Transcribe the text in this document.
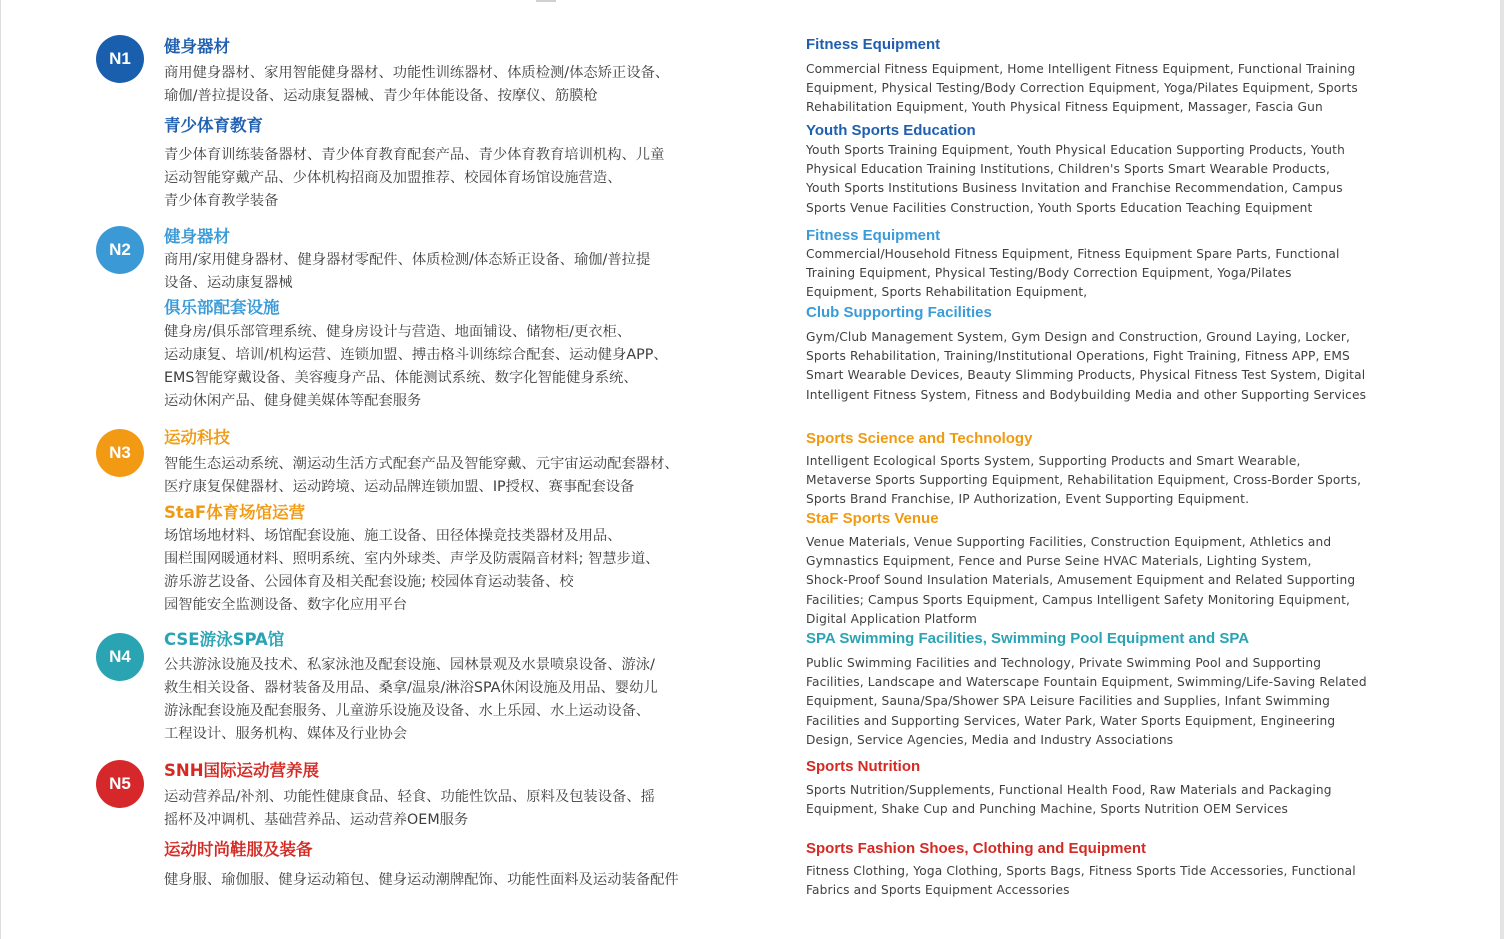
N1
N2
N3
N4
N5
健身器材
商用健身器材、家用智能健身器材、功能性训练器材、体质检测/体态矫正设备、
瑜伽/普拉提设备、运动康复器械、青少年体能设备、按摩仪、筋膜枪
青少体育教育
青少体育训练装备器材、青少体育教育配套产品、青少体育教育培训机构、儿童
运动智能穿戴产品、少体机构招商及加盟推荐、校园体育场馆设施营造、
青少体育教学装备
健身器材
商用/家用健身器材、健身器材零配件、体质检测/体态矫正设备、瑜伽/普拉提
设备、运动康复器械
俱乐部配套设施
健身房/俱乐部管理系统、健身房设计与营造、地面铺设、储物柜/更衣柜、
运动康复、培训/机构运营、连锁加盟、搏击格斗训练综合配套、运动健身APP、
EMS智能穿戴设备、美容瘦身产品、体能测试系统、数字化智能健身系统、
运动休闲产品、健身健美媒体等配套服务
运动科技
智能生态运动系统、潮运动生活方式配套产品及智能穿戴、元宇宙运动配套器材、
医疗康复保健器材、运动跨境、运动品牌连锁加盟、IP授权、赛事配套设备
StaF体育场馆运营
场馆场地材料、场馆配套设施、施工设备、田径体操竞技类器材及用品、
围栏围网暖通材料、照明系统、室内外球类、声学及防震隔音材料; 智慧步道、
游乐游艺设备、公园体育及相关配套设施; 校园体育运动装备、校
园智能安全监测设备、数字化应用平台
CSE游泳SPA馆
公共游泳设施及技术、私家泳池及配套设施、园林景观及水景喷泉设备、游泳/
救生相关设备、器材装备及用品、桑拿/温泉/淋浴SPA休闲设施及用品、婴幼儿
游泳配套设施及配套服务、儿童游乐设施及设备、水上乐园、水上运动设备、
工程设计、服务机构、媒体及行业协会
SNH国际运动营养展
运动营养品/补剂、功能性健康食品、轻食、功能性饮品、原料及包装设备、摇
摇杯及冲调机、基础营养品、运动营养OEM服务
运动时尚鞋服及装备
健身服、瑜伽服、健身运动箱包、健身运动潮牌配饰、功能性面料及运动装备配件
Fitness Equipment
Commercial Fitness Equipment, Home Intelligent Fitness Equipment, Functional Training
Equipment, Physical Testing/Body Correction Equipment, Yoga/Pilates Equipment, Sports
Rehabilitation Equipment, Youth Physical Fitness Equipment, Massager, Fascia Gun
Youth Sports Education
Youth Sports Training Equipment, Youth Physical Education Supporting Products, Youth
Physical Education Training Institutions, Children's Sports Smart Wearable Products,
Youth Sports Institutions Business Invitation and Franchise Recommendation, Campus
Sports Venue Facilities Construction, Youth Sports Education Teaching Equipment
Fitness Equipment
Commercial/Household Fitness Equipment, Fitness Equipment Spare Parts, Functional
Training Equipment, Physical Testing/Body Correction Equipment, Yoga/Pilates
Equipment, Sports Rehabilitation Equipment,
Club Supporting Facilities
Gym/Club Management System, Gym Design and Construction, Ground Laying, Locker,
Sports Rehabilitation, Training/Institutional Operations, Fight Training, Fitness APP, EMS
Smart Wearable Devices, Beauty Slimming Products, Physical Fitness Test System, Digital
Intelligent Fitness System, Fitness and Bodybuilding Media and other Supporting Services
Sports Science and Technology
Intelligent Ecological Sports System, Supporting Products and Smart Wearable,
Metaverse Sports Supporting Equipment, Rehabilitation Equipment, Cross-Border Sports,
Sports Brand Franchise, IP Authorization, Event Supporting Equipment.
StaF Sports Venue
Venue Materials, Venue Supporting Facilities, Construction Equipment, Athletics and
Gymnastics Equipment, Fence and Purse Seine HVAC Materials, Lighting System,
Shock-Proof Sound Insulation Materials, Amusement Equipment and Related Supporting
Facilities; Campus Sports Equipment, Campus Intelligent Safety Monitoring Equipment,
Digital Application Platform
SPA Swimming Facilities, Swimming Pool Equipment and SPA
Public Swimming Facilities and Technology, Private Swimming Pool and Supporting
Facilities, Landscape and Waterscape Fountain Equipment, Swimming/Life-Saving Related
Equipment, Sauna/Spa/Shower SPA Leisure Facilities and Supplies, Infant Swimming
Facilities and Supporting Services, Water Park, Water Sports Equipment, Engineering
Design, Service Agencies, Media and Industry Associations
Sports Nutrition
Sports Nutrition/Supplements, Functional Health Food, Raw Materials and Packaging
Equipment, Shake Cup and Punching Machine, Sports Nutrition OEM Services
Sports Fashion Shoes, Clothing and Equipment
Fitness Clothing, Yoga Clothing, Sports Bags, Fitness Sports Tide Accessories, Functional
Fabrics and Sports Equipment Accessories
